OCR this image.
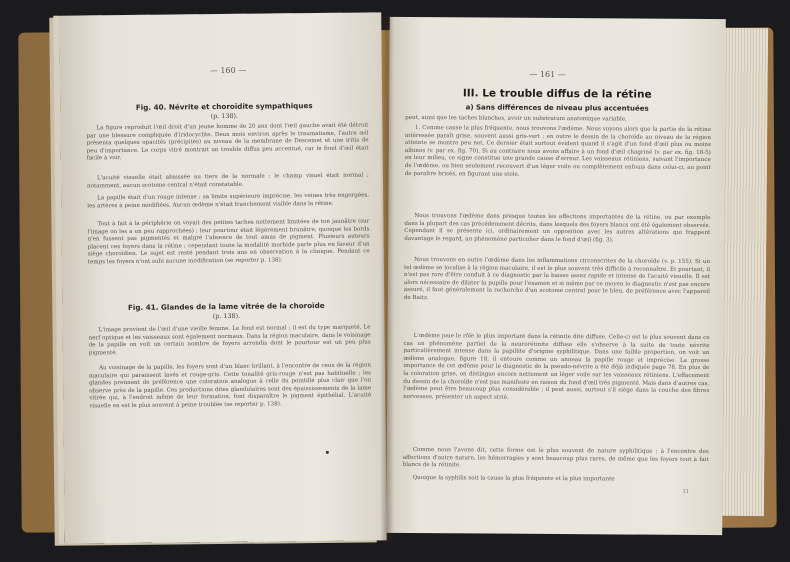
— 160 —
Fig. 40. Névrite et choroïdite sympathiques
(p. 138).

La figure reproduit l'œil droit d'un jeune homme de 20 ans dont l'œil gauche avait été détruit par une blessure compliquée d'iridocyclite. Deux mois environ après le traumatisme, l'autre œil présenta quelques opacités (précipités) au niveau de la membrane de Descemet et une iritis de peu d'importance. Le corps vitré montrait un trouble diffus peu accentué, car le fond d'œil était facile à voir.

L'acuité visuelle était abaissée au tiers de la normale ; le champ visuel était normal ; notamment, aucun scotome central n'était constatable.

La papille était d'un rouge intense ; sa limite supérieure imprécise, les veines très engorgées, les artères à peine modifiées. Aucun œdème n'était franchement visible dans la rétine.

Tout à fait à la périphérie on voyait des petites taches nettement limitées de ton jaunâtre (sur l'image on les a un peu rapprochées) ; leur pourtour était légèrement brunâtre, quoique les bords n'en fussent pas pigmentés et malgré l'absence de tout amas de pigment. Plusieurs auteurs placent ces foyers dans la rétine ; cependant toute la modalité morbide parle plus en faveur d'un siège choroïdien. Le sujet est resté pendant trois ans en observation à la clinique. Pendant ce temps les foyers n'ont subi aucune modification (se reporter p. 138).

Fig. 41. Glandes de la lame vitrée de la choroïde
(p. 138).

L'image provient de l'œil d'une vieille femme. Le fond est normal ; il est du type marqueté. Le nerf optique et les vaisseaux sont également normaux. Dans la région maculaire, dans le voisinage de la papille on voit un certain nombre de foyers arrondis dont le pourtour est un peu plus pigmenté.

Au voisinage de la papille, les foyers sont d'un blanc brillant, à l'encontre de ceux de la région maculaire qui paraissent lavés et rouge-gris. Cette tonalité gris-rouge n'est pas habituelle ; les glandes prennent de préférence une coloration analogue à celle du pointillé plus clair que l'on observe près de la papille. Ces productions dites glandulaires sont des épaississements de la lame vitrée qui, à l'endroit même de leur formation, font disparaître le pigment épithélial. L'acuité visuelle en est le plus souvent à peine troublée (se reporter p. 138).

— 161 —
III. Le trouble diffus de la rétine
a) Sans différences de niveau plus accentuées

peut, ainsi que les taches blanches, avoir un substratum anatomique variable.

1. Comme cause la plus fréquente, nous trouvons l'œdème. Nous voyons alors que la partie de la rétine intéressée paraît grise, souvent aussi gris-vert ; en outre le dessin de la choroïde au niveau de la région atteinte se montre peu net. Ce dernier était surtout évident quand il s'agit d'un fond d'œil plus ou moins albinos (v. par ex. fig. 70). Si au contraire nous avons affaire à un fond d'œil chagriné (v. par ex. fig. 18-5) en leur milieu, ce signe constitue une grande cause d'erreur. Les vaisseaux rétiniens, suivant l'importance de l'œdème, ou bien seulement recouvert d'un léger voile ou complètement enfouis dans celui-ci, au point de paraître brisés, en figurant une stole.

Nous trouvons l'œdème dans presque toutes les affections importantes de la rétine, ou par exemple dans la plupart des cas précédemment décrits, dans lesquels des foyers blancs ont été également observés. Cependant il se présente ici, ordinairement un opposition avec les autres altérations qui frappent davantage le regard, un phénomène particulier dans le fond d'œil (fig. 3).

Nous trouvons en outre l'œdème dans les inflammations circonscrites de la choroïde (v. p. 155). Si un tel œdème se localise à la région maculaire, il est le plus souvent très difficile à reconnaître. Et pourtant, il n'est pas rare d'être conduit à ce diagnostic par la baisse assez rapide et intense de l'acuité visuelle. Il est alors nécessaire de dilater la pupille pour l'examen et si même par ce moyen le diagnostic n'est pas encore assuré, il faut généralement la recherche d'un scotome central pour le bleu, de préférence avec l'appareil de Baitz.

L'œdème joue le rôle le plus important dans la rétinite dite diffuse. Celle-ci est le plus souvent dans ce cas un phénomène partiel de la neurorétinite diffuse elle s'observe à la suite de toute névrite particulièrement intense dans la papillite d'origine syphilitique. Dans une faible proportion, on voit un œdème analogue, figure 18, il entoure comme un anneau la papille rouge et imprécise. La grosse importance de cet œdème pour le diagnostic de la pseudo-névrite a été déjà indiquée page 78. En plus de la coloration grise, on distingue encore nettement un léger voile sur les vaisseaux rétiniens. L'effacement du dessin de la choroïde n'est pas manifeste en raison du fond d'œil très pigmenté. Mais dans d'autres cas, l'œdème peut être beaucoup plus considérable ; il peut aussi, surtout s'il siège dans la couche des fibres nerveuses, présenter un aspect strié.

Comme nous l'avons dit, cette forme est le plus souvent de nature syphilitique ; à l'encontre des affections d'autre nature, les hémorragies y sont beaucoup plus rares, de même que les foyers tout à fait blancs de la rétinite.

Quoique la syphilis soit la cause la plus fréquente et la plus importante

11
